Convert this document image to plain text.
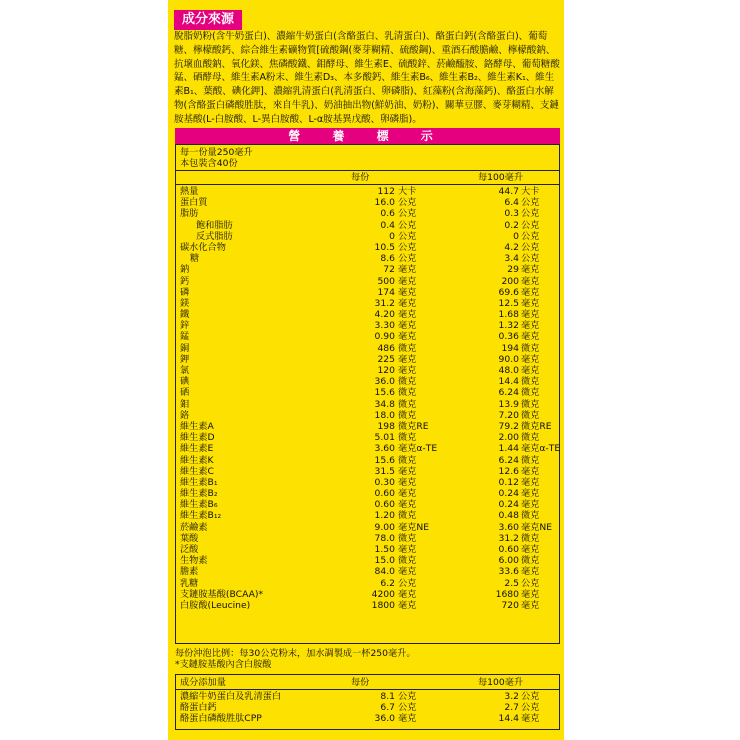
成分來源

脫脂奶粉(含牛奶蛋白)、濃縮牛奶蛋白(含酪蛋白、乳清蛋白)、酪蛋白鈣(含酪蛋白)、葡萄糖、檸檬酸鈣、綜合維生素礦物質[硫酸鋼(麥芽糊精、硫酸鋼)、重酒石酸膽鹼、檸檬酸鈉、抗壞血酸鈉、氧化鎂、焦磷酸鐵、鉬酵母、維生素E、硫酸鋅、菸鹼醯胺、鉻酵母、葡萄糖酸錳、硒酵母、維生素A粉末、維生素D₃、本多酸鈣、維生素B₆、維生素B₂、維生素K₁、維生素B₁、葉酸、碘化鉀]、濃縮乳清蛋白(乳清蛋白、卵磷脂)、紅藻粉(含海藻鈣)、酪蛋白水解物(含酪蛋白磷酸胜肽，來自牛乳)、奶油抽出物(鮮奶油、奶粉)、關華豆膠、麥芽糊精、支鏈胺基酸(L-白胺酸、L-異白胺酸、L-α胺基異戊酸、卵磷脂)。

營 養 標 示
每一份量250毫升
本包裝含40份
每份	每100毫升
熱量	112 大卡	44.7 大卡
蛋白質	16.0 公克	6.4 公克
脂肪	0.6 公克	0.3 公克
飽和脂肪	0.4 公克	0.2 公克
反式脂肪	0 公克	0 公克
碳水化合物	10.5 公克	4.2 公克
糖	8.6 公克	3.4 公克
鈉	72 毫克	29 毫克
鈣	500 毫克	200 毫克
磷	174 毫克	69.6 毫克
鎂	31.2 毫克	12.5 毫克
鐵	4.20 毫克	1.68 毫克
鋅	3.30 毫克	1.32 毫克
錳	0.90 毫克	0.36 毫克
銅	486 微克	194 微克
鉀	225 毫克	90.0 毫克
氯	120 毫克	48.0 毫克
碘	36.0 微克	14.4 微克
硒	15.6 微克	6.24 微克
鉬	34.8 微克	13.9 微克
鉻	18.0 微克	7.20 微克
維生素A	198 微克RE	79.2 微克RE
維生素D	5.01 微克	2.00 微克
維生素E	3.60 毫克α-TE	1.44 毫克α-TE
維生素K	15.6 微克	6.24 微克
維生素C	31.5 毫克	12.6 毫克
維生素B₁	0.30 毫克	0.12 毫克
維生素B₂	0.60 毫克	0.24 毫克
維生素B₆	0.60 毫克	0.24 毫克
維生素B₁₂	1.20 微克	0.48 微克
菸鹼素	9.00 毫克NE	3.60 毫克NE
葉酸	78.0 微克	31.2 微克
泛酸	1.50 毫克	0.60 毫克
生物素	15.0 微克	6.00 微克
膽素	84.0 毫克	33.6 毫克
乳糖	6.2 公克	2.5 公克
支鏈胺基酸(BCAA)*	4200 毫克	1680 毫克
白胺酸(Leucine)	1800 毫克	720 毫克
每份沖泡比例：每30公克粉末，加水調製成一杯250毫升。
*支鏈胺基酸內含白胺酸
成分添加量	每份	每100毫升
濃縮牛奶蛋白及乳清蛋白	8.1 公克	3.2 公克
酪蛋白鈣	6.7 公克	2.7 公克
酪蛋白磷酸胜肽CPP	36.0 毫克	14.4 毫克
